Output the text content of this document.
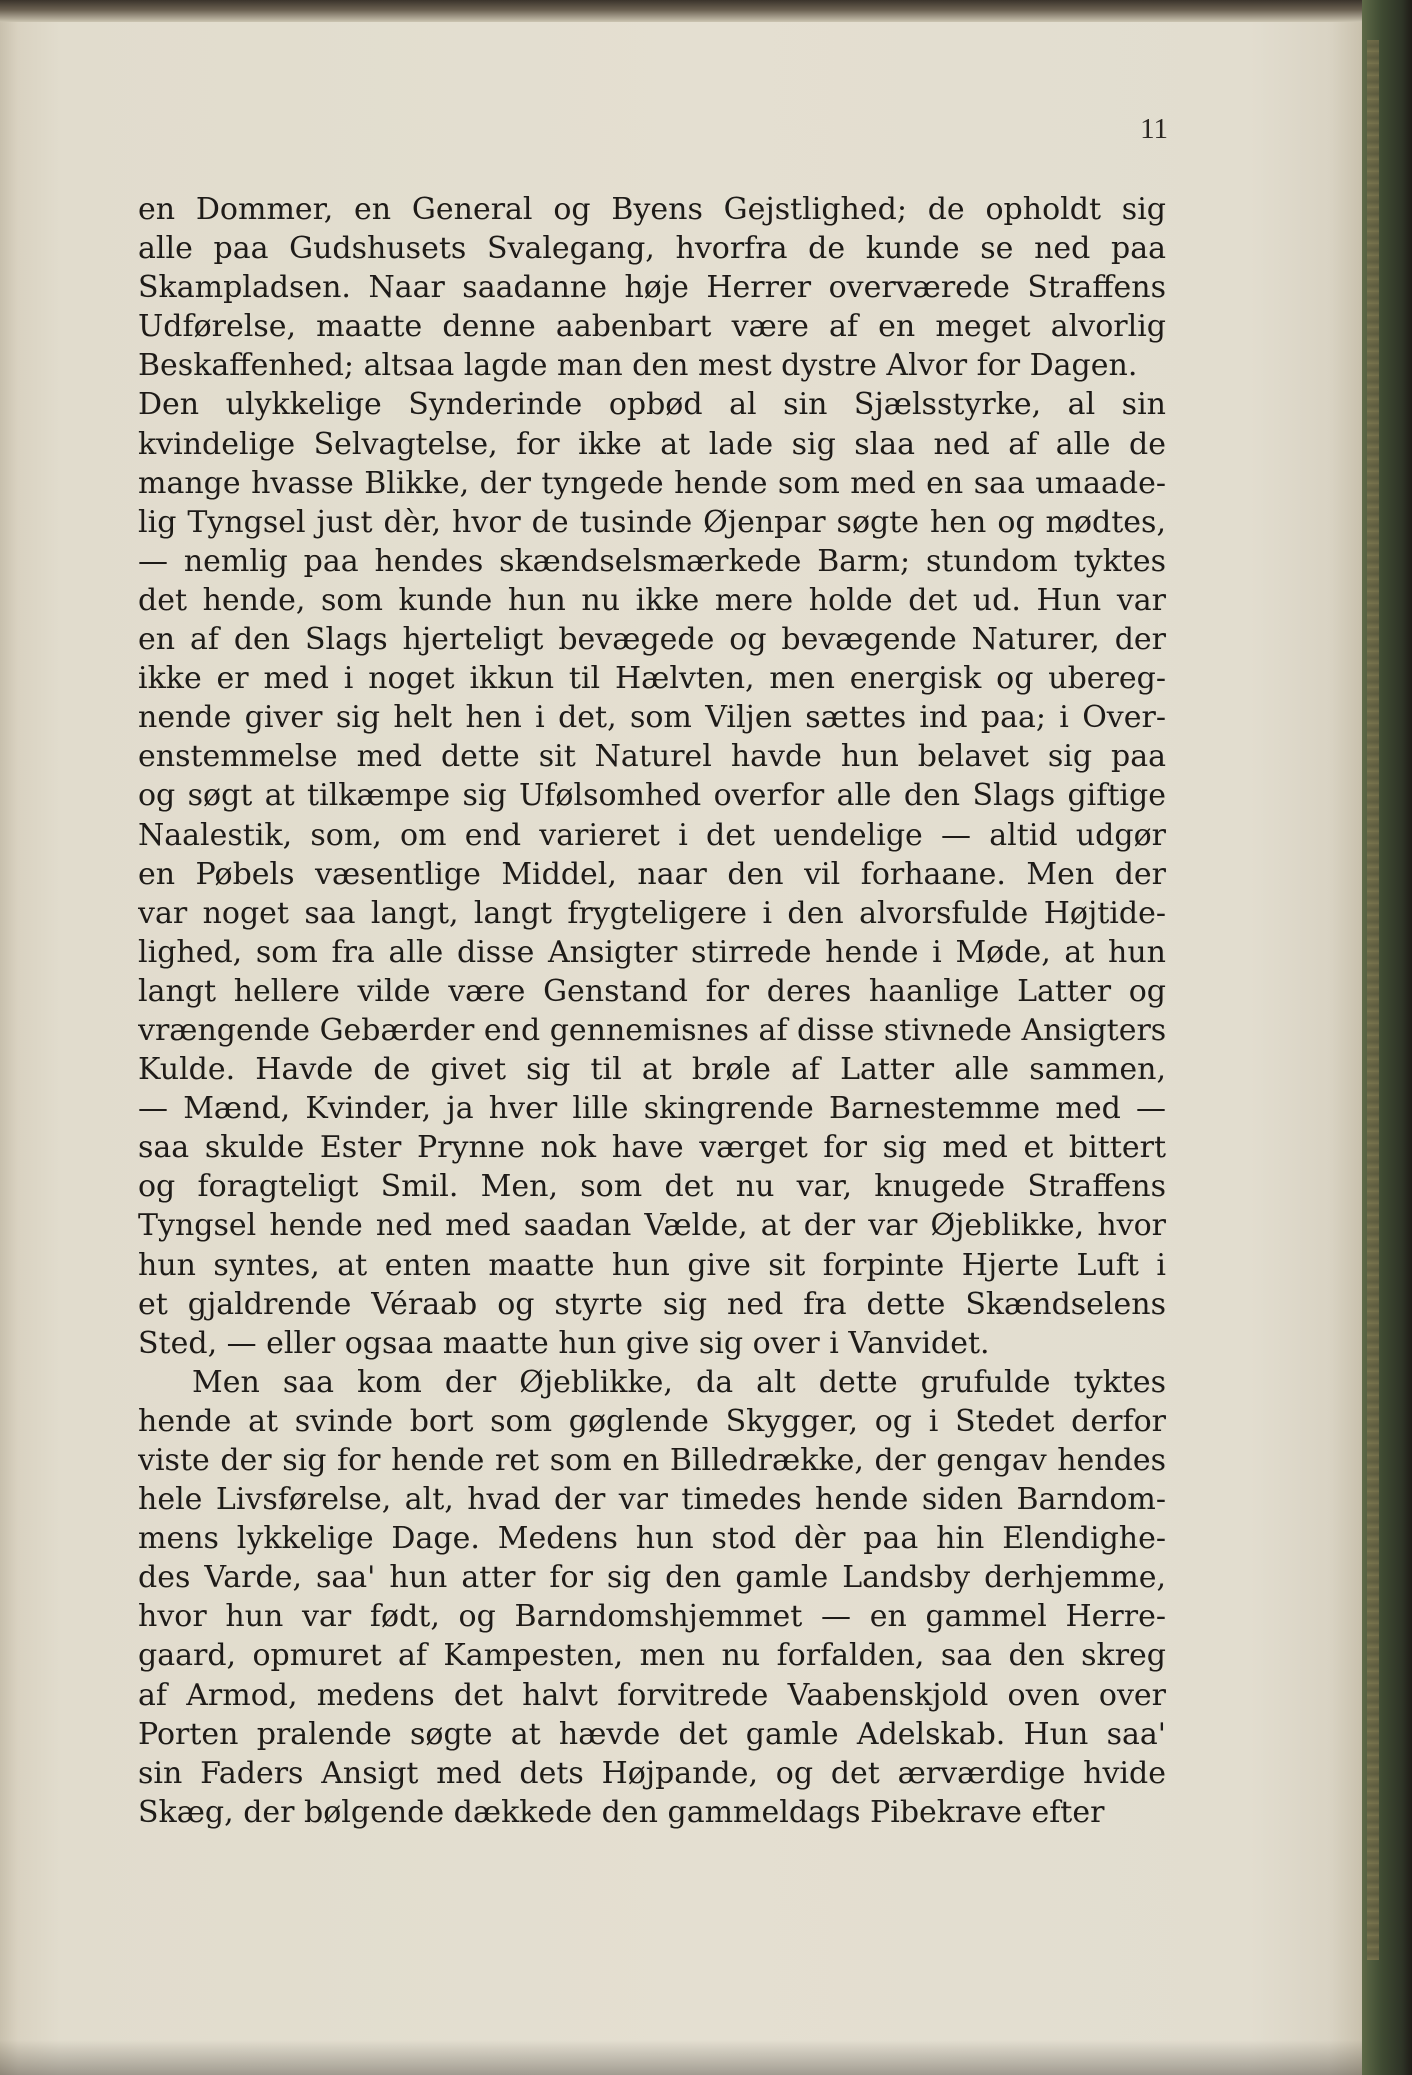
11
en Dommer, en General og Byens Gejstlighed; de opholdt sig
alle paa Gudshusets Svalegang, hvorfra de kunde se ned paa
Skampladsen. Naar saadanne høje Herrer overværede Straffens
Udførelse, maatte denne aabenbart være af en meget alvorlig
Beskaffenhed; altsaa lagde man den mest dystre Alvor for Dagen.
Den ulykkelige Synderinde opbød al sin Sjælsstyrke, al sin
kvindelige Selvagtelse, for ikke at lade sig slaa ned af alle de
mange hvasse Blikke, der tyngede hende som med en saa umaade-
lig Tyngsel just dèr, hvor de tusinde Øjenpar søgte hen og mødtes,
— nemlig paa hendes skændselsmærkede Barm; stundom tyktes
det hende, som kunde hun nu ikke mere holde det ud. Hun var
en af den Slags hjerteligt bevægede og bevægende Naturer, der
ikke er med i noget ikkun til Hælvten, men energisk og ubereg-
nende giver sig helt hen i det, som Viljen sættes ind paa; i Over-
enstemmelse med dette sit Naturel havde hun belavet sig paa
og søgt at tilkæmpe sig Ufølsomhed overfor alle den Slags giftige
Naalestik, som, om end varieret i det uendelige — altid udgør
en Pøbels væsentlige Middel, naar den vil forhaane. Men der
var noget saa langt, langt frygteligere i den alvorsfulde Højtide-
lighed, som fra alle disse Ansigter stirrede hende i Møde, at hun
langt hellere vilde være Genstand for deres haanlige Latter og
vrængende Gebærder end gennemisnes af disse stivnede Ansigters
Kulde. Havde de givet sig til at brøle af Latter alle sammen,
— Mænd, Kvinder, ja hver lille skingrende Barnestemme med —
saa skulde Ester Prynne nok have værget for sig med et bittert
og foragteligt Smil. Men, som det nu var, knugede Straffens
Tyngsel hende ned med saadan Vælde, at der var Øjeblikke, hvor
hun syntes, at enten maatte hun give sit forpinte Hjerte Luft i
et gjaldrende Véraab og styrte sig ned fra dette Skændselens
Sted, — eller ogsaa maatte hun give sig over i Vanvidet.
Men saa kom der Øjeblikke, da alt dette grufulde tyktes
hende at svinde bort som gøglende Skygger, og i Stedet derfor
viste der sig for hende ret som en Billedrække, der gengav hendes
hele Livsførelse, alt, hvad der var timedes hende siden Barndom-
mens lykkelige Dage. Medens hun stod dèr paa hin Elendighe-
des Varde, saa' hun atter for sig den gamle Landsby derhjemme,
hvor hun var født, og Barndomshjemmet — en gammel Herre-
gaard, opmuret af Kampesten, men nu forfalden, saa den skreg
af Armod, medens det halvt forvitrede Vaabenskjold oven over
Porten pralende søgte at hævde det gamle Adelskab. Hun saa'
sin Faders Ansigt med dets Højpande, og det ærværdige hvide
Skæg, der bølgende dækkede den gammeldags Pibekrave efter
